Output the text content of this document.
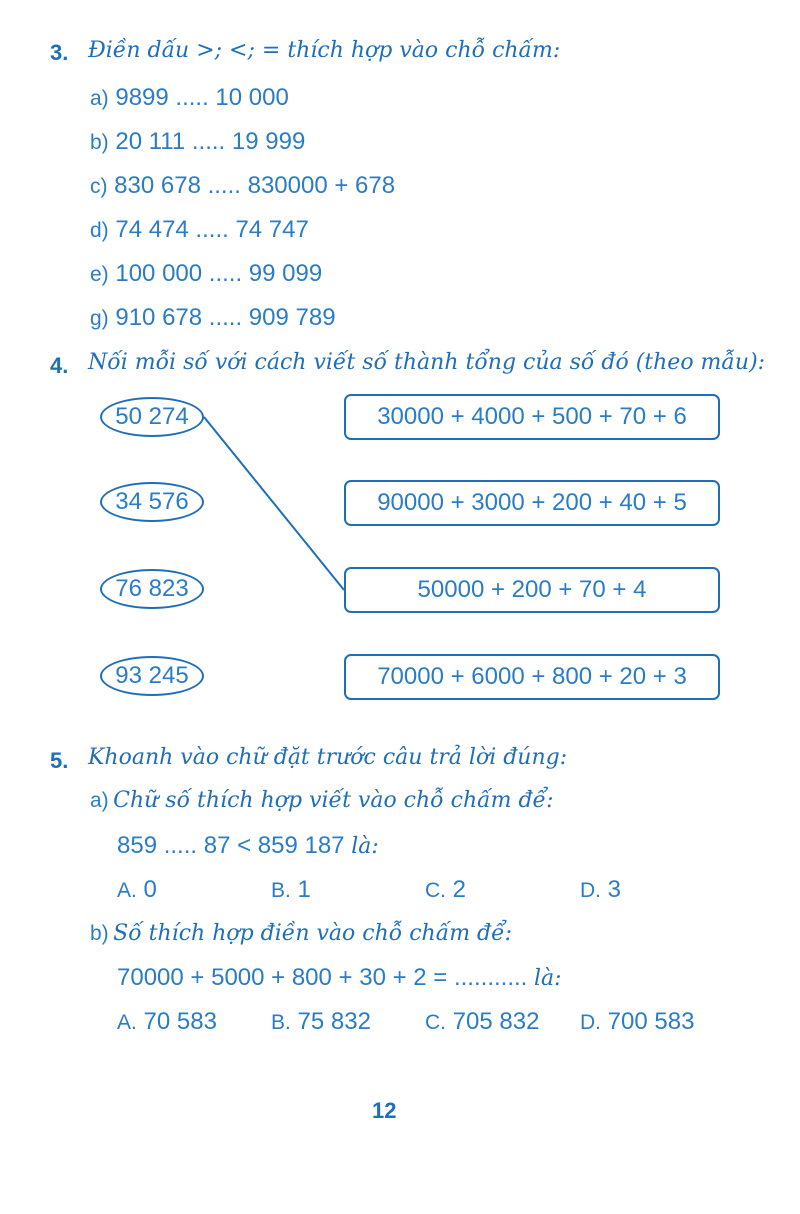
3. Điền dấu >; <; = thích hợp vào chỗ chấm:
a) 9899 ..... 10 000
b) 20 111 ..... 19 999
c) 830 678 ..... 830000 + 678
d) 74 474 ..... 74 747
e) 100 000 ..... 99 099
g) 910 678 ..... 909 789
4. Nối mỗi số với cách viết số thành tổng của số đó (theo mẫu):
50 274
34 576
76 823
93 245
30000 + 4000 + 500 + 70 + 6
90000 + 3000 + 200 + 40 + 5
50000 + 200 + 70 + 4
70000 + 6000 + 800 + 20 + 3
5. Khoanh vào chữ đặt trước câu trả lời đúng:
a) Chữ số thích hợp viết vào chỗ chấm để:
859 ..... 87 < 859 187 là:
A. 0	B. 1	C. 2	D. 3
b) Số thích hợp điền vào chỗ chấm để:
70000 + 5000 + 800 + 30 + 2 = ........... là:
A. 70 583	B. 75 832	C. 705 832 D. 700 583
12
